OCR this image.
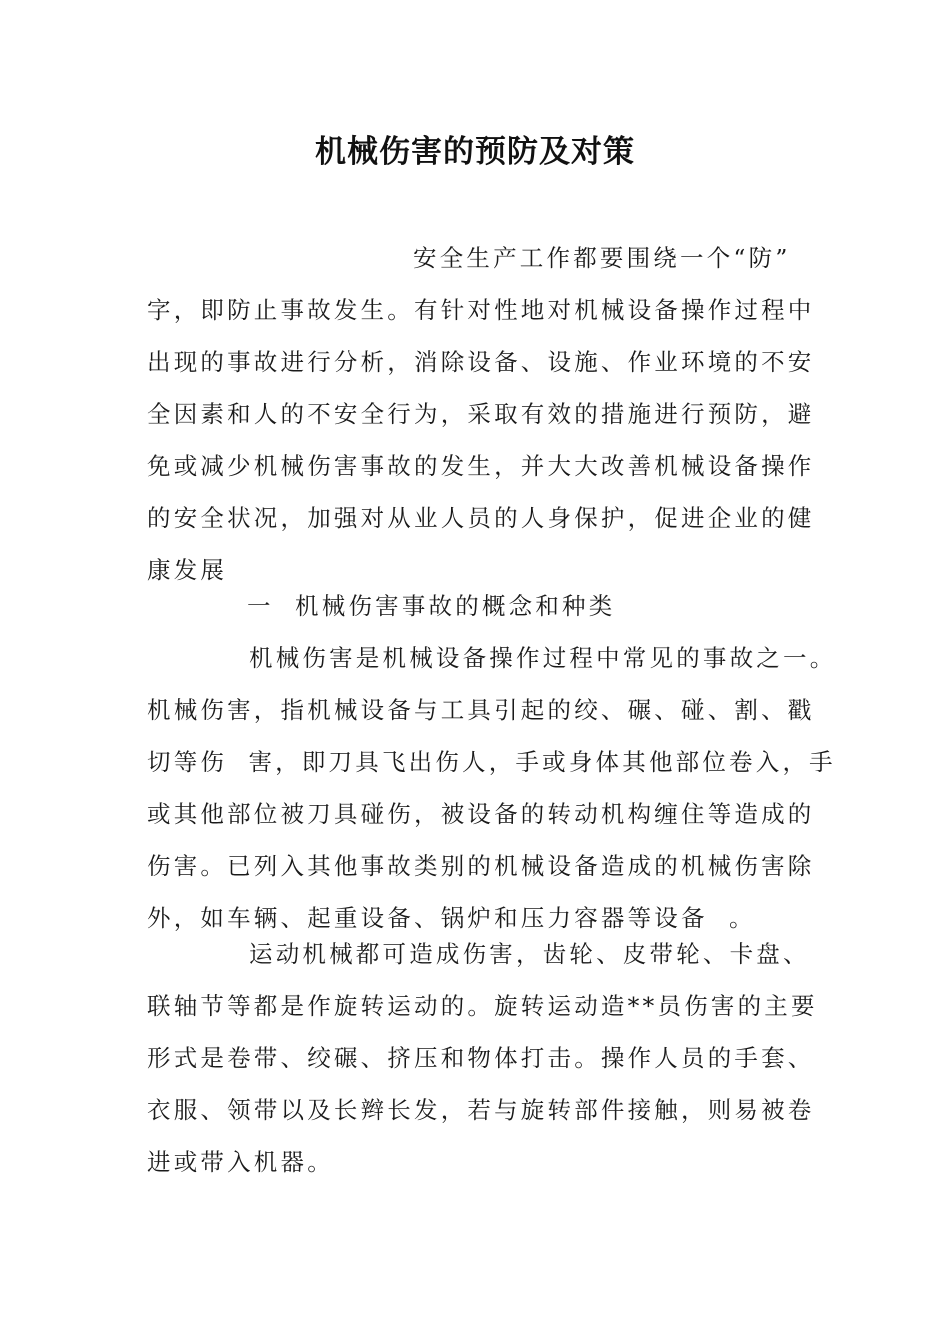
机械伤害的预防及对策
安全生产工作都要围绕一个“防”
字，即防止事故发生。有针对性地对机械设备操作过程中
出现的事故进行分析，消除设备、设施、作业环境的不安
全因素和人的不安全行为，采取有效的措施进行预防，避
免或减少机械伤害事故的发生，并大大改善机械设备操作
的安全状况，加强对从业人员的人身保护，促进企业的健
康发展
一  机械伤害事故的概念和种类
机械伤害是机械设备操作过程中常见的事故之一。
机械伤害，指机械设备与工具引起的绞、碾、碰、割、戳
切等伤  害，即刀具飞出伤人，手或身体其他部位卷入，手
或其他部位被刀具碰伤，被设备的转动机构缠住等造成的
伤害。已列入其他事故类别的机械设备造成的机械伤害除
外，如车辆、起重设备、锅炉和压力容器等设备  。
运动机械都可造成伤害，齿轮、皮带轮、卡盘、
联轴节等都是作旋转运动的。旋转运动造**员伤害的主要
形式是卷带、绞碾、挤压和物体打击。操作人员的手套、
衣服、领带以及长辫长发，若与旋转部件接触，则易被卷
进或带入机器。
